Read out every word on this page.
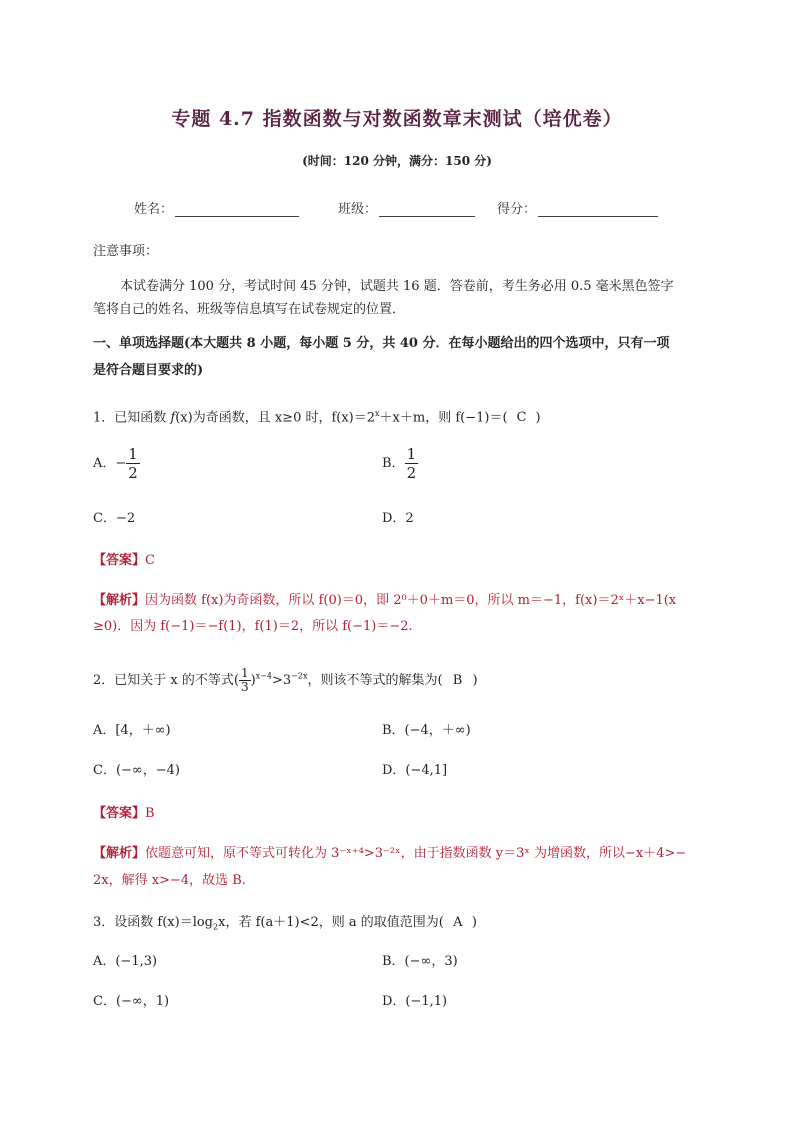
专题 4.7 指数函数与对数函数章末测试（培优卷）
(时间：120 分钟，满分：150 分)
姓名：	班级：	得分：
注意事项：
本试卷满分 100 分，考试时间 45 分钟，试题共 16 题．答卷前，考生务必用 0.5 毫米黑色签字
笔将自己的姓名、班级等信息填写在试卷规定的位置．
一、单项选择题(本大题共 8 小题，每小题 5 分，共 40 分．在每小题给出的四个选项中，只有一项
是符合题目要求的)
1．已知函数 f(x)为奇函数，且 x≥0 时，$f(x)=2^x+x+m$，则 f(−1)＝( C )
A．− $\frac{1}{2}$	B． $\frac{1}{2}$
C．−2	D．2
【答案】C
【解析】因为函数 f(x)为奇函数，所以 f(0)＝0，即 2⁰＋0＋m＝0，所以 m＝−1，f(x)＝2ˣ＋x−1(x
≥0)．因为 f(−1)＝−f(1)，f(1)＝2，所以 f(−1)＝−2.
2．已知关于 x 的不等式( $\frac{1}{3} )^{x-4}>3^{-2x}$，则该不等式的解集为( B )
A．[4，＋∞)	B．(−4，＋∞)
C．(−∞，−4)	D．(−4,1]
【答案】B
【解析】依题意可知，原不等式可转化为 3⁻ˣ⁺⁴>3⁻²ˣ，由于指数函数 y＝3ˣ 为增函数，所以−x＋4>−
2x，解得 x>−4，故选 B.
3．设函数 $f(x)=\log_2x$，若 f(a＋1)<2，则 a 的取值范围为( A )
A．(−1,3)	B．(−∞，3)
C．(−∞，1)	D．(−1,1)
